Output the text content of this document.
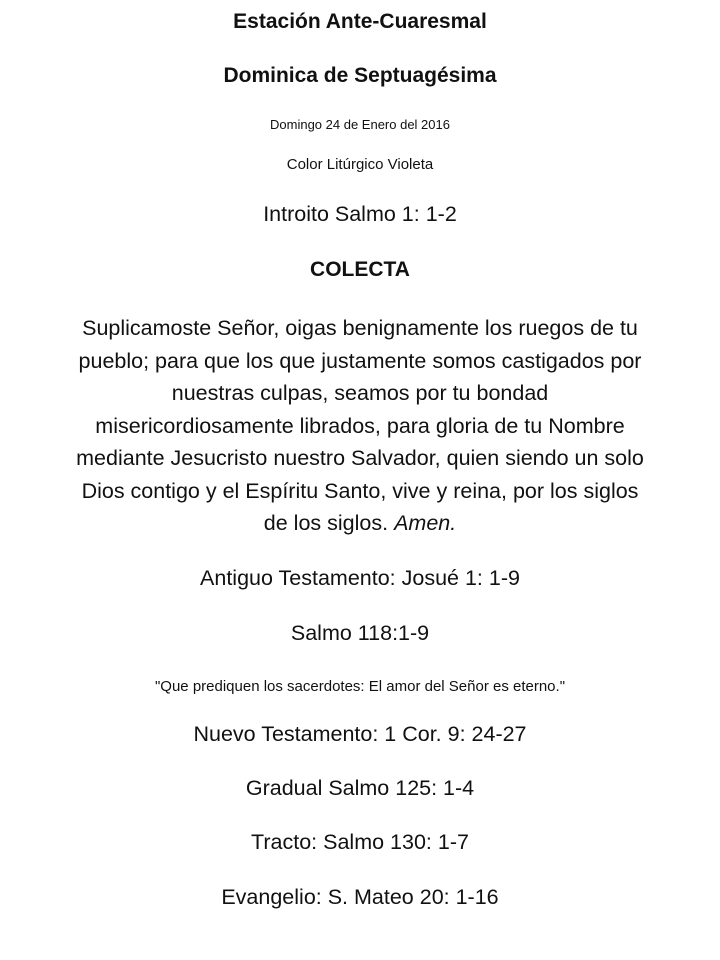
Estación Ante-Cuaresmal

Dominica de Septuagésima

Domingo 24 de Enero del 2016

Color Litúrgico Violeta

Introito Salmo 1: 1-2

COLECTA

Suplicamoste Señor, oigas benignamente los ruegos de tu
pueblo; para que los que justamente somos castigados por
nuestras culpas, seamos por tu bondad
misericordiosamente librados, para gloria de tu Nombre
mediante Jesucristo nuestro Salvador, quien siendo un solo
Dios contigo y el Espíritu Santo, vive y reina, por los siglos
de los siglos. Amen.

Antiguo Testamento: Josué 1: 1-9

Salmo 118:1-9

"Que prediquen los sacerdotes: El amor del Señor es eterno."

Nuevo Testamento: 1 Cor. 9: 24-27

Gradual Salmo 125: 1-4

Tracto: Salmo 130: 1-7

Evangelio: S. Mateo 20: 1-16
